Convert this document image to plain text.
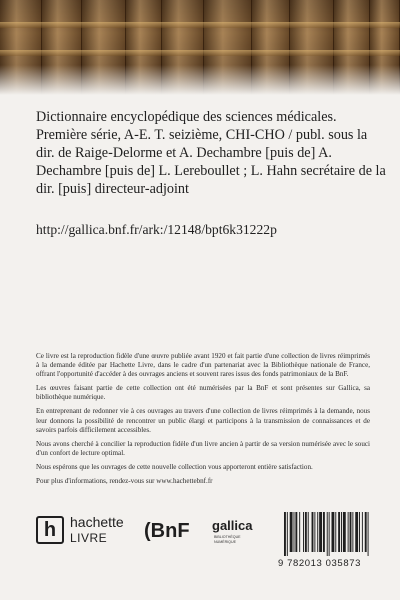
Dictionnaire encyclopédique des sciences médicales. Première série, A-E. T. seizième, CHI-CHO / publ. sous la dir. de Raige-Delorme et A. Dechambre [puis de] A. Dechambre [puis de] L. Lereboullet ; L. Hahn secrétaire de la dir. [puis] directeur-adjoint
http://gallica.bnf.fr/ark:/12148/bpt6k31222p

Ce livre est la reproduction fidèle d'une œuvre publiée avant 1920 et fait partie d'une collection de livres réimprimés à la demande éditée par Hachette Livre, dans le cadre d'un partenariat avec la Bibliothèque nationale de France, offrant l'opportunité d'accéder à des ouvrages anciens et souvent rares issus des fonds patrimoniaux de la BnF.

Les œuvres faisant partie de cette collection ont été numérisées par la BnF et sont présentes sur Gallica, sa bibliothèque numérique.

En entreprenant de redonner vie à ces ouvrages au travers d'une collection de livres réimprimés à la demande, nous leur donnons la possibilité de rencontrer un public élargi et participons à la transmission de connaissances et de savoirs parfois difficilement accessibles.

Nous avons cherché à concilier la reproduction fidèle d'un livre ancien à partir de sa version numérisée avec le souci d'un confort de lecture optimal.

Nous espérons que les ouvrages de cette nouvelle collection vous apporteront entière satisfaction.

Pour plus d'informations, rendez-vous sur www.hachettebnf.fr

h hachette
LIVRE (BnF	gallica
BIBLIOTHÈQUE
NUMÉRIQUE
9 782013 035873
